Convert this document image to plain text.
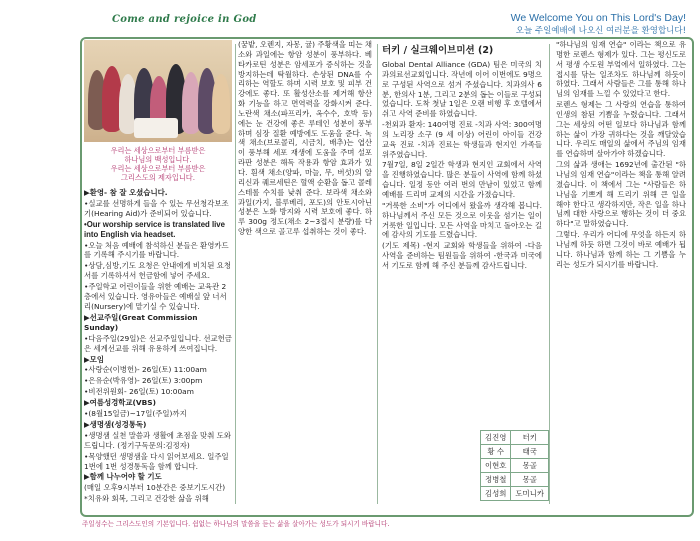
Come and rejoice in God	We Welcome You on This Lord's Day!
오늘 주일예배에 나오신 여러분을 환영합니다!
우리는 세상으로부터 부름받은
하나님의 백성입니다.
우리는 세상으로부터 부름받은
그리스도의 제자입니다.

▶환영- 참 잘 오셨습니다.

•실교를 선명하게 들을 수 있는 무선청각보조기(Hearing Aid)가 준비되어 있습니다.

•Our worship service is translated live into English via headset.

•오늘 처음 예배에 참석하신 분들은 환영카드를 기록해 주시기를 바랍니다.

•상담,심방,기도 요청은 안내에게 비치된 요청서를 기록하셔서 헌금함에 넣어 주세요.

•주일학교 어린이들을 위한 예배는 교육관 2층에서 있습니다. 영유아들은 예배실 앞 너서리(Nursery)에 맡기실 수 있습니다.

▶선교주일(Great Commission Sunday)

•다음주일(29일)은 선교주일입니다. 선교헌금은 세계선교를 위해 유용하게 쓰여집니다.

▶모임

•사랑순(이병헌)- 26일(토) 11:00am

•은유순(박유영)- 26일(토) 3:00pm

•비전위원회- 26일(토) 10:00am

▶여름성경학교(VBS)

•(8월15일금)~17일(주일)까지

▶생명샘(성경통독)

•생명샘 실천 말씀과 생활에 초점을 맞춰 도와드립니다. (정기구독문의:김정자)

•목양했던 생명샘을 다시 읽어보세요. 일주일 1번에 1번 성경통독을 함께 합니다.

▶함께 나누어야 할 기도

(매일 오후9시부터 10분간은 중보기도시간)

*치유와 회복, 그리고 건강한 삶을 위해

(꿈밭, 오렌지, 자몽, 귤) 주황색을 띠는 채소와 과일에는 항암 성분이 풍부하다. 베타카로틴 성분은 암세포가 증식하는 것을 방지하는데 탁월하다. 손상된 DNA를 수리하는 역할도 하며 시력 보호 및 피부 건강에도 좋다. 또 활성산소를 제거해 항산화 기능을 하고 면역력을 강화시켜 준다. 노란색 채소(파프리카, 옥수수, 호박 등)에는 눈 건강에 좋은 루테인 성분이 풍부하며 심장 질환 예방에도 도움을 준다. 녹색 채소(브로콜리, 시금치, 배추)는 엽산이 풍부해 세포 재생에 도움을 주며 설포라판 성분은 해독 작용과 항암 효과가 있다. 흰색 채소(양파, 마늘, 무, 버섯)의 알리신과 퀘르세틴은 혈액 순환을 돕고 콜레스테롤 수치를 낮춰 준다. 보라색 채소와 과일(가지, 블루베리, 포도)의 안토시아닌 성분은 노화 방지와 시력 보호에 좋다. 하루 300g 정도(채소 2~3접시 분량)를 다양한 색으로 골고루 섭취하는 것이 좋다.
터키 / 실크웨이브미션 (2)

Global Dental Alliance (GDA) 팀은 미국의 치과의료선교회입니다. 작년에 이어 이번에도 9명으로 구성된 사역으로 섬겨 주셨습니다. 치과의사 6분, 한의사 1분, 그리고 2분의 돕는 이들로 구성되었습니다. 도착 첫날 1일은 오랜 비행 후 호텔에서 쉬고 사역 준비를 하였습니다.

-천외과 환자: 140여명 진료 -치과 사역: 300여명의 노리장 소구 (9 세 이상) 어린이 아이들 건강 교육 진료 -치과 진료는 학생들과 현지인 가족들 위주였습니다.

7월7일, 8일 2일간 학생과 현지인 교회에서 사역을 진행하였습니다. 많은 분들이 사역에 함께 하셨습니다. 일정 동안 여러 번의 만남이 있었고 함께 예배를 드리며 교제의 시간을 가졌습니다.

"거룩한 소비"가 어디에서 왔을까 생각해 봅니다. 하나님께서 주신 모든 것으로 이웃을 섬기는 일이 거룩한 일입니다. 모든 사역을 마치고 돌아오는 길에 감사의 기도를 드렸습니다.

(기도 제목) -현지 교회와 학생들을 위하여 -다음 사역을 준비하는 팀원들을 위하여 -한국과 미국에서 기도로 함께 해 주신 분들께 감사드립니다.

김진영	터키
황 수	태국
이현호	몽골
정병철	몽골
김성희	도미니카

"하나님의 임재 연습" 이라는 책으로 유명한 로렌스 형제가 있다. 그는 평신도로서 평생 수도원 부엌에서 일하였다. 그는 접시를 닦는 일조차도 하나님께 하듯이 하였다. 그래서 사람들은 그를 통해 하나님의 임재를 느낄 수 있었다고 한다.

로렌스 형제는 그 사랑의 연습을 통하여 인생의 참된 기쁨을 누렸습니다. 그래서 그는 세상의 어떤 일보다 하나님과 함께 하는 삶이 가장 귀하다는 것을 깨달았습니다. 우리도 매일의 삶에서 주님의 임재를 연습하며 살아가야 하겠습니다.

그의 삶과 생애는 1692년에 출간된 "하나님의 임재 연습"이라는 책을 통해 알려졌습니다. 이 책에서 그는 "사람들은 하나님을 기쁘게 해 드리기 위해 큰 일을 해야 한다고 생각하지만, 작은 일을 하나님께 대한 사랑으로 행하는 것이 더 중요하다"고 말하였습니다.

그렇다. 우리가 어디에 무엇을 하든지 하나님께 하듯 하면 그것이 바로 예배가 됩니다. 하나님과 함께 하는 그 기쁨을 누리는 성도가 되시기를 바랍니다.

주일성수는 그리스도인의 기본입니다. 쉼없는 하나님의 말씀을 듣는 삶을 살아가는 성도가 되시기 바랍니다.
